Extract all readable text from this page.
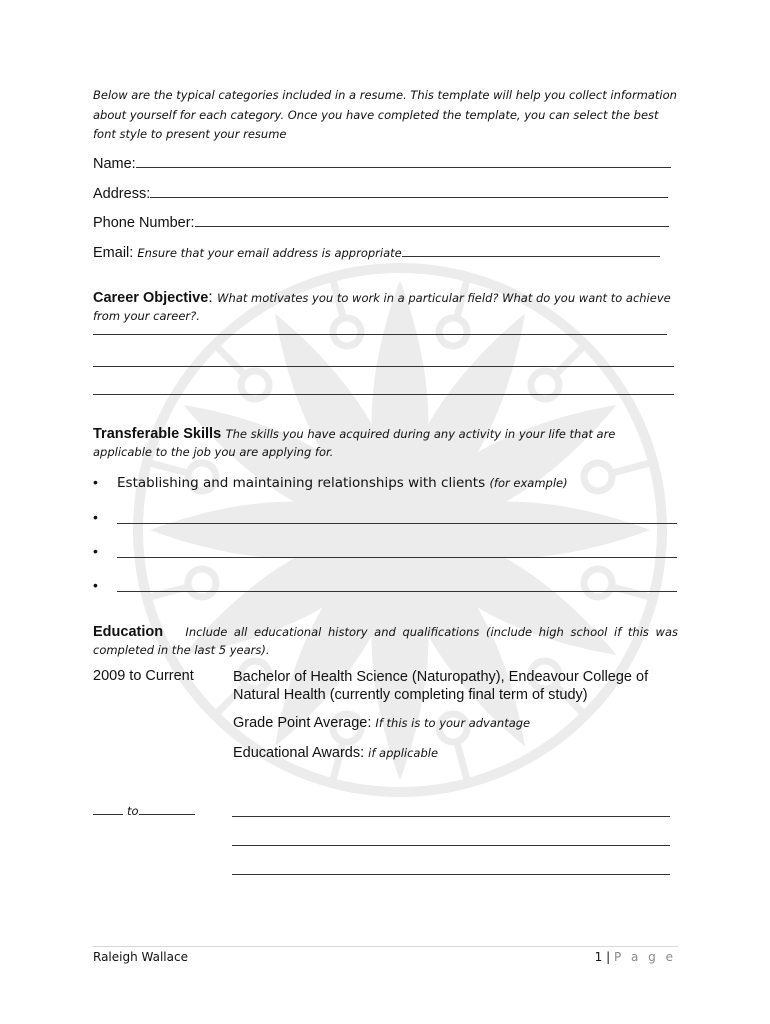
Below are the typical categories included in a resume. This template will help you collect information about yourself for each category. Once you have completed the template, you can select the best font style to present your resume
Name:
Address:
Phone Number:
Email: Ensure that your email address is appropriate
Career Objective: What motivates you to work in a particular field? What do you want to achieve from your career?.
Transferable Skills The skills you have acquired during any activity in your life that are applicable to the job you are applying for.
• Establishing and maintaining relationships with clients (for example)
•
•
•
Education Include all educational history and qualifications (include high school if this was completed in the last 5 years).
2009 to Current	Bachelor of Health Science (Naturopathy), Endeavour College of Natural Health (currently completing final term of study)
Grade Point Average: If this is to your advantage
Educational Awards: if applicable
to
Raleigh Wallace	1 | P a g e
